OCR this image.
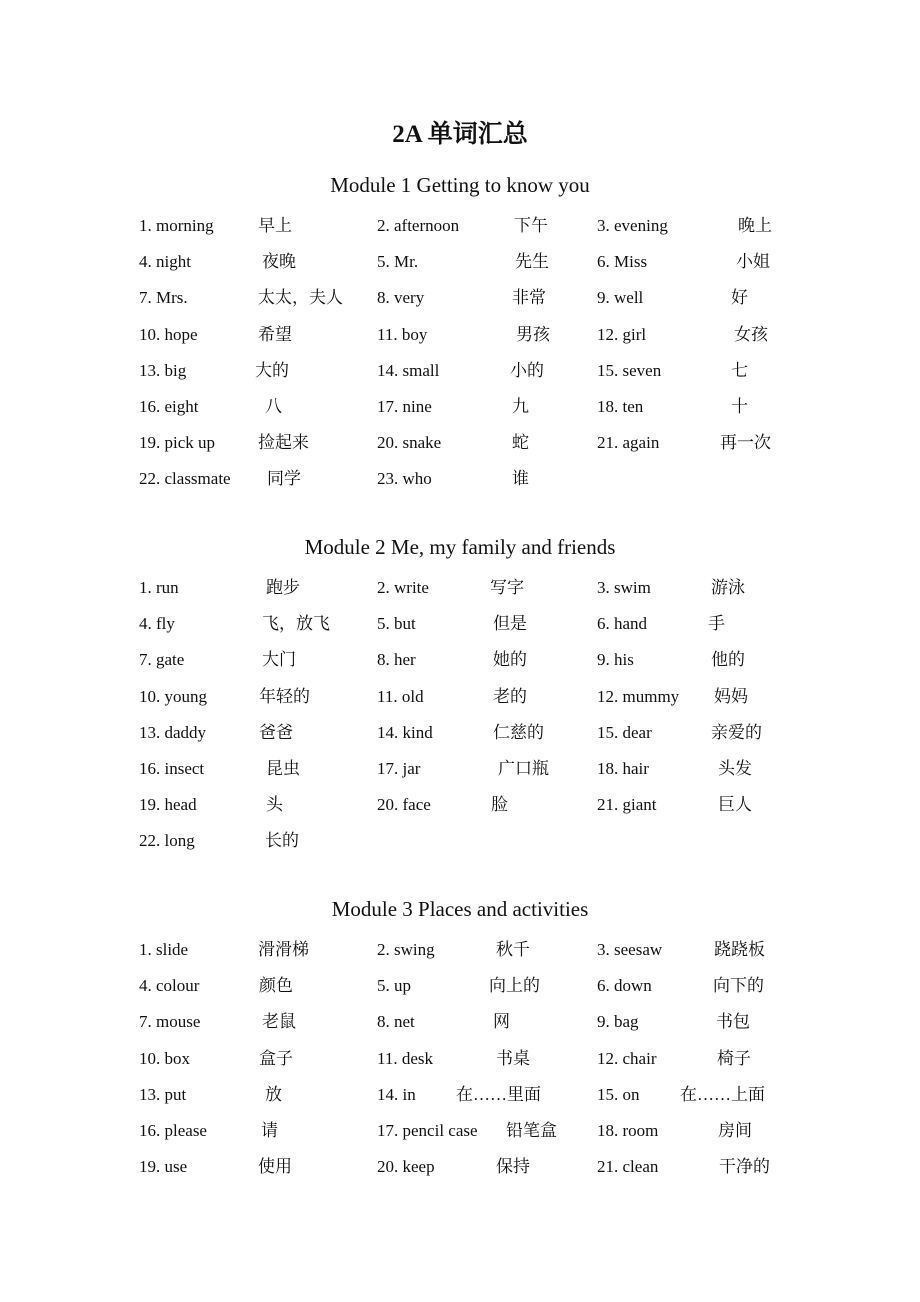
2A 单词汇总
Module 1 Getting to know you
1. morning	早上	2. afternoon	下午	3. evening	晚上
4. night	夜晚	5. Mr.	先生	6. Miss	小姐
7. Mrs.	太太，夫人 8. very	非常	9. well	好
10. hope	希望	11. boy	男孩	12. girl	女孩
13. big	大的	14. small	小的	15. seven	七
16. eight	八	17. nine	九	18. ten	十
19. pick up	捡起来	20. snake	蛇	21. again	再一次
22. classmate 同学	23. who	谁
Module 2 Me, my family and friends
1. run	跑步	2. write	写字	3. swim	游泳
4. fly	飞，放飞	5. but	但是	6. hand	手
7. gate	大门	8. her	她的	9. his	他的
10. young	年轻的	11. old	老的	12. mummy 妈妈
13. daddy	爸爸	14. kind	仁慈的	15. dear	亲爱的
16. insect	昆虫	17. jar	广口瓶	18. hair	头发
19. head	头	20. face	脸	21. giant	巨人
22. long	长的
Module 3 Places and activities
1. slide	滑滑梯	2. swing	秋千	3. seesaw	跷跷板
4. colour	颜色	5. up	向上的	6. down	向下的
7. mouse	老鼠	8. net	网	9. bag	书包
10. box	盒子	11. desk	书桌	12. chair	椅子
13. put	放	14. in 在……里面	15. on 在……上面
16. please	请	17. pencil case 铅笔盒 18. room	房间
19. use	使用	20. keep	保持	21. clean	干净的
